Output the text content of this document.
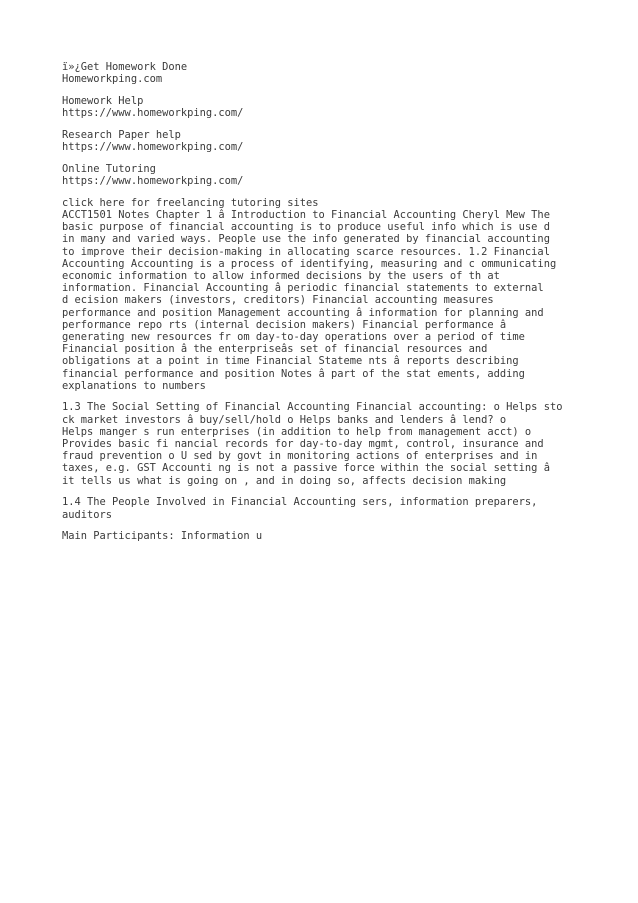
ï»¿Get Homework Done
Homeworkping.com
Homework Help
https://www.homeworkping.com/
Research Paper help
https://www.homeworkping.com/
Online Tutoring
https://www.homeworkping.com/
click here for freelancing tutoring sites
ACCT1501 Notes Chapter 1 â Introduction to Financial Accounting Cheryl Mew The
basic purpose of financial accounting is to produce useful info which is use d
in many and varied ways. People use the info generated by financial accounting
to improve their decision-making in allocating scarce resources. 1.2 Financial
Accounting Accounting is a process of identifying, measuring and c ommunicating
economic information to allow informed decisions by the users of th at
information. Financial Accounting â periodic financial statements to external
d ecision makers (investors, creditors) Financial accounting measures
performance and position Management accounting â information for planning and
performance repo rts (internal decision makers) Financial performance â
generating new resources fr om day-to-day operations over a period of time
Financial position â the enterpriseâs set of financial resources and
obligations at a point in time Financial Stateme nts â reports describing
financial performance and position Notes â part of the stat ements, adding
explanations to numbers
1.3 The Social Setting of Financial Accounting Financial accounting: o Helps sto
ck market investors â buy/sell/hold o Helps banks and lenders â lend? o
Helps manger s run enterprises (in addition to help from management acct) o
Provides basic fi nancial records for day-to-day mgmt, control, insurance and
fraud prevention o U sed by govt in monitoring actions of enterprises and in
taxes, e.g. GST Accounti ng is not a passive force within the social setting â
it tells us what is going on , and in doing so, affects decision making
1.4 The People Involved in Financial Accounting sers, information preparers,
auditors
Main Participants: Information u
